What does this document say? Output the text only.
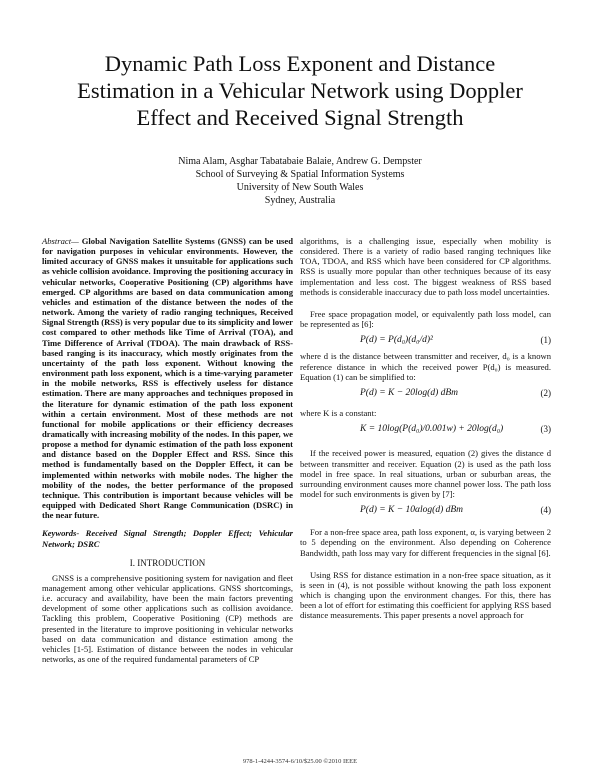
Dynamic Path Loss Exponent and Distance
Estimation in a Vehicular Network using Doppler
Effect and Received Signal Strength
Nima Alam, Asghar Tabatabaie Balaie, Andrew G. Dempster
School of Surveying & Spatial Information Systems
University of New South Wales
Sydney, Australia

Abstract— Global Navigation Satellite Systems (GNSS) can be used for navigation purposes in vehicular environments. However, the limited accuracy of GNSS makes it unsuitable for applications such as vehicle collision avoidance. Improving the positioning accuracy in vehicular networks, Cooperative Positioning (CP) algorithms have emerged. CP algorithms are based on data communication among vehicles and estimation of the distance between the nodes of the network. Among the variety of radio ranging techniques, Received Signal Strength (RSS) is very popular due to its simplicity and lower cost compared to other methods like Time of Arrival (TOA), and Time Difference of Arrival (TDOA). The main drawback of RSS-based ranging is its inaccuracy, which mostly originates from the uncertainty of the path loss exponent. Without knowing the environment path loss exponent, which is a time-varying parameter in the mobile networks, RSS is effectively useless for distance estimation. There are many approaches and techniques proposed in the literature for dynamic estimation of the path loss exponent within a certain environment. Most of these methods are not functional for mobile applications or their efficiency decreases dramatically with increasing mobility of the nodes. In this paper, we propose a method for dynamic estimation of the path loss exponent and distance based on the Doppler Effect and RSS. Since this method is fundamentally based on the Doppler Effect, it can be implemented within networks with mobile nodes. The higher the mobility of the nodes, the better performance of the proposed technique. This contribution is important because vehicles will be equipped with Dedicated Short Range Communication (DSRC) in the near future.

Keywords- Received Signal Strength; Doppler Effect; Vehicular Network; DSRC

I. INTRODUCTION

GNSS is a comprehensive positioning system for navigation and fleet management among other vehicular applications. GNSS shortcomings, i.e. accuracy and availability, have been the main factors preventing development of some other applications such as collision avoidance. Tackling this problem, Cooperative Positioning (CP) methods are presented in the literature to improve positioning in vehicular networks based on data communication and distance estimation among the vehicles [1-5]. Estimation of distance between the nodes in vehicular networks, as one of the required fundamental parameters of CP

algorithms, is a challenging issue, especially when mobility is considered. There is a variety of radio based ranging techniques like TOA, TDOA, and RSS which have been considered for CP algorithms. RSS is usually more popular than other techniques because of its easy implementation and less cost. The biggest weakness of RSS based methods is considerable inaccuracy due to path loss model uncertainties.

Free space propagation model, or equivalently path loss model, can be represented as [6]:

P(d) = P(d₀)(d₀/d)²	(1)

where d is the distance between transmitter and receiver, d₀ is a known reference distance in which the received power P(d₀) is measured. Equation (1) can be simplified to:

P(d) = K − 20log(d) dBm	(2)

where K is a constant:

K = 10log(P(d₀)/0.001w) + 20log(d₀)	(3)

If the received power is measured, equation (2) gives the distance d between transmitter and receiver. Equation (2) is used as the path loss model in free space. In real situations, urban or suburban areas, the surrounding environment causes more channel power loss. The path loss model for such environments is given by [7]:

P(d) = K − 10αlog(d) dBm	(4)

For a non-free space area, path loss exponent, α, is varying between 2 to 5 depending on the environment. Also depending on Coherence Bandwidth, path loss may vary for different frequencies in the signal [6].

Using RSS for distance estimation in a non-free space situation, as it is seen in (4), is not possible without knowing the path loss exponent which is changing upon the environment changes. For this, there has been a lot of effort for estimating this coefficient for applying RSS based distance measurements. This paper presents a novel approach for

978-1-4244-3574-6/10/$25.00 ©2010 IEEE
